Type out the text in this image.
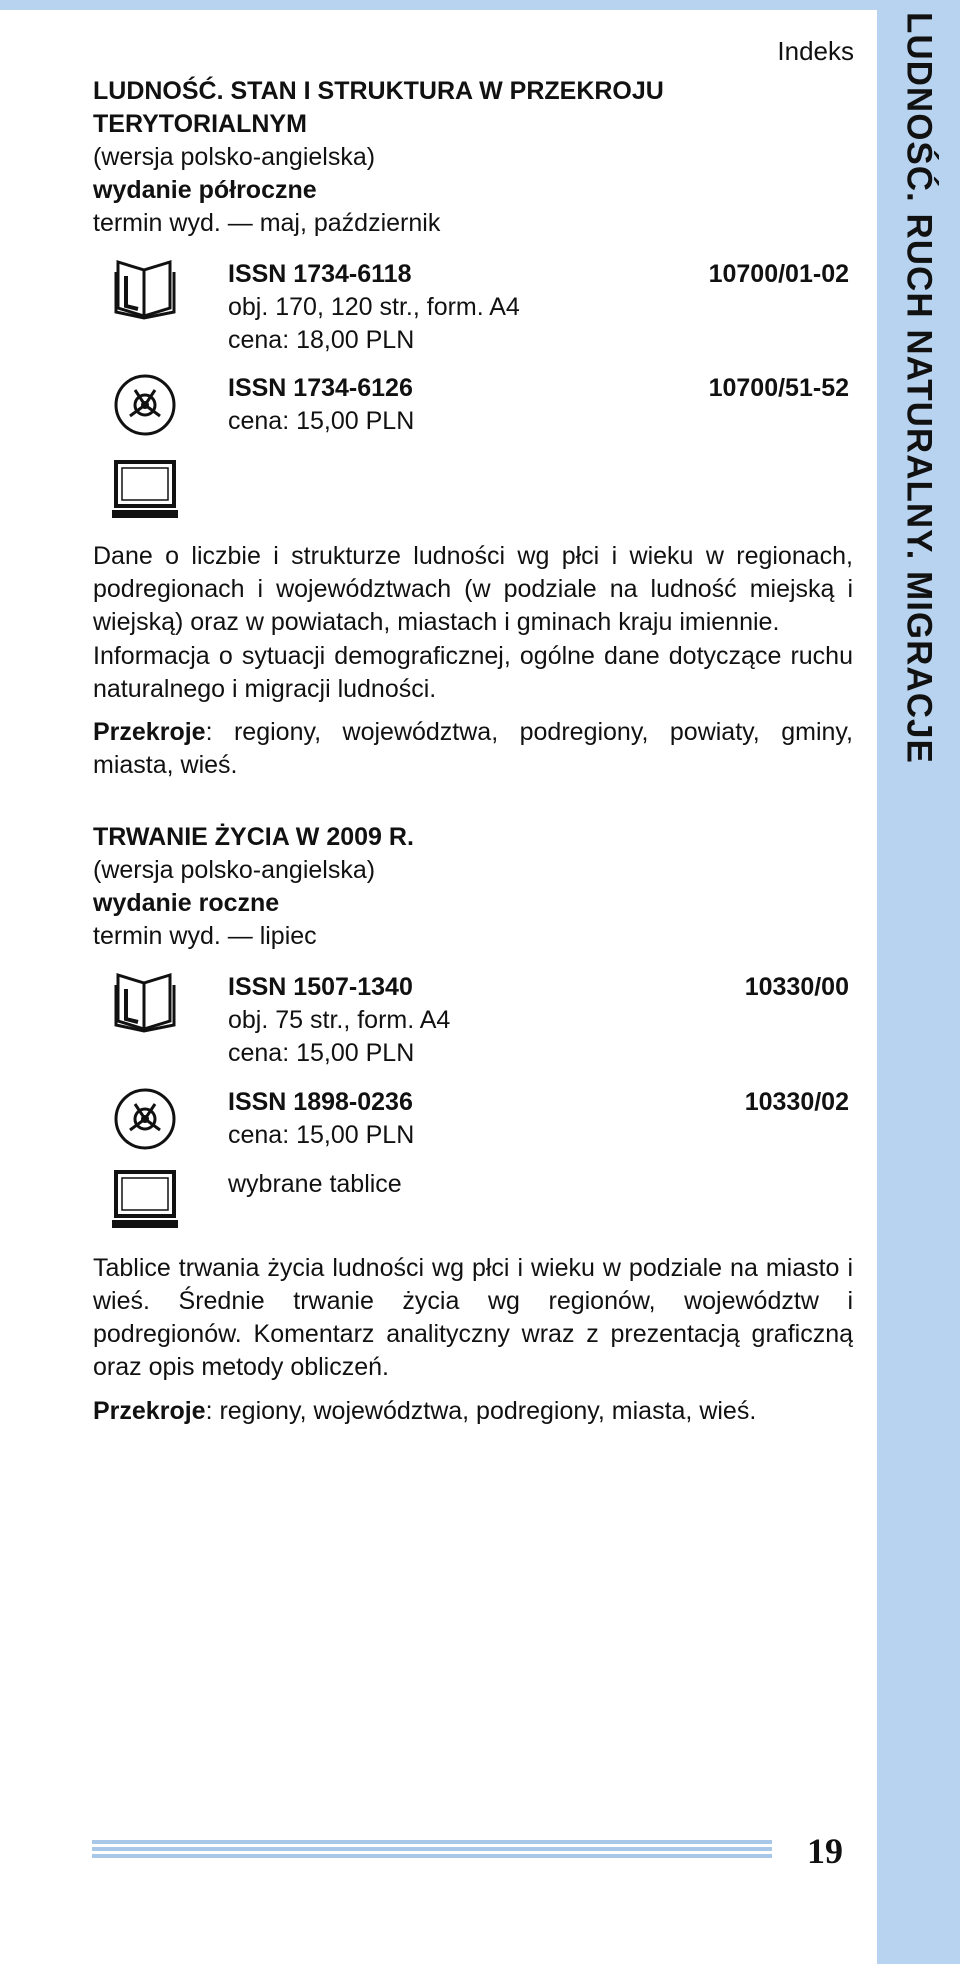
LUDNOŚĆ. RUCH NATURALNY. MIGRACJE
Indeks
LUDNOŚĆ. STAN I STRUKTURA W PRZEKROJU
TERYTORIALNYM
(wersja polsko-angielska)
wydanie półroczne
termin wyd. — maj, październik
ISSN 1734-6118	10700/01-02
obj. 170, 120 str., form. A4
cena: 18,00 PLN
ISSN 1734-6126	10700/51-52
cena: 15,00 PLN
Dane o liczbie i strukturze ludności wg płci i wieku w regionach, podregionach i województwach (w podziale na ludność miejską i wiejską) oraz w powiatach, miastach i gminach kraju imiennie.
Informacja o sytuacji demograficznej, ogólne dane dotyczące ruchu naturalnego i migracji ludności.
Przekroje: regiony, województwa, podregiony, powiaty, gminy, miasta, wieś.
TRWANIE ŻYCIA W 2009 R.
(wersja polsko-angielska)
wydanie roczne
termin wyd. — lipiec
ISSN 1507-1340	10330/00
obj. 75 str., form. A4
cena: 15,00 PLN
ISSN 1898-0236	10330/02
cena: 15,00 PLN
wybrane tablice
Tablice trwania życia ludności wg płci i wieku w podziale na miasto i wieś. Średnie trwanie życia wg regionów, województw i podregionów. Komentarz analityczny wraz z prezentacją graficzną oraz opis metody obliczeń.
Przekroje: regiony, województwa, podregiony, miasta, wieś.
19
